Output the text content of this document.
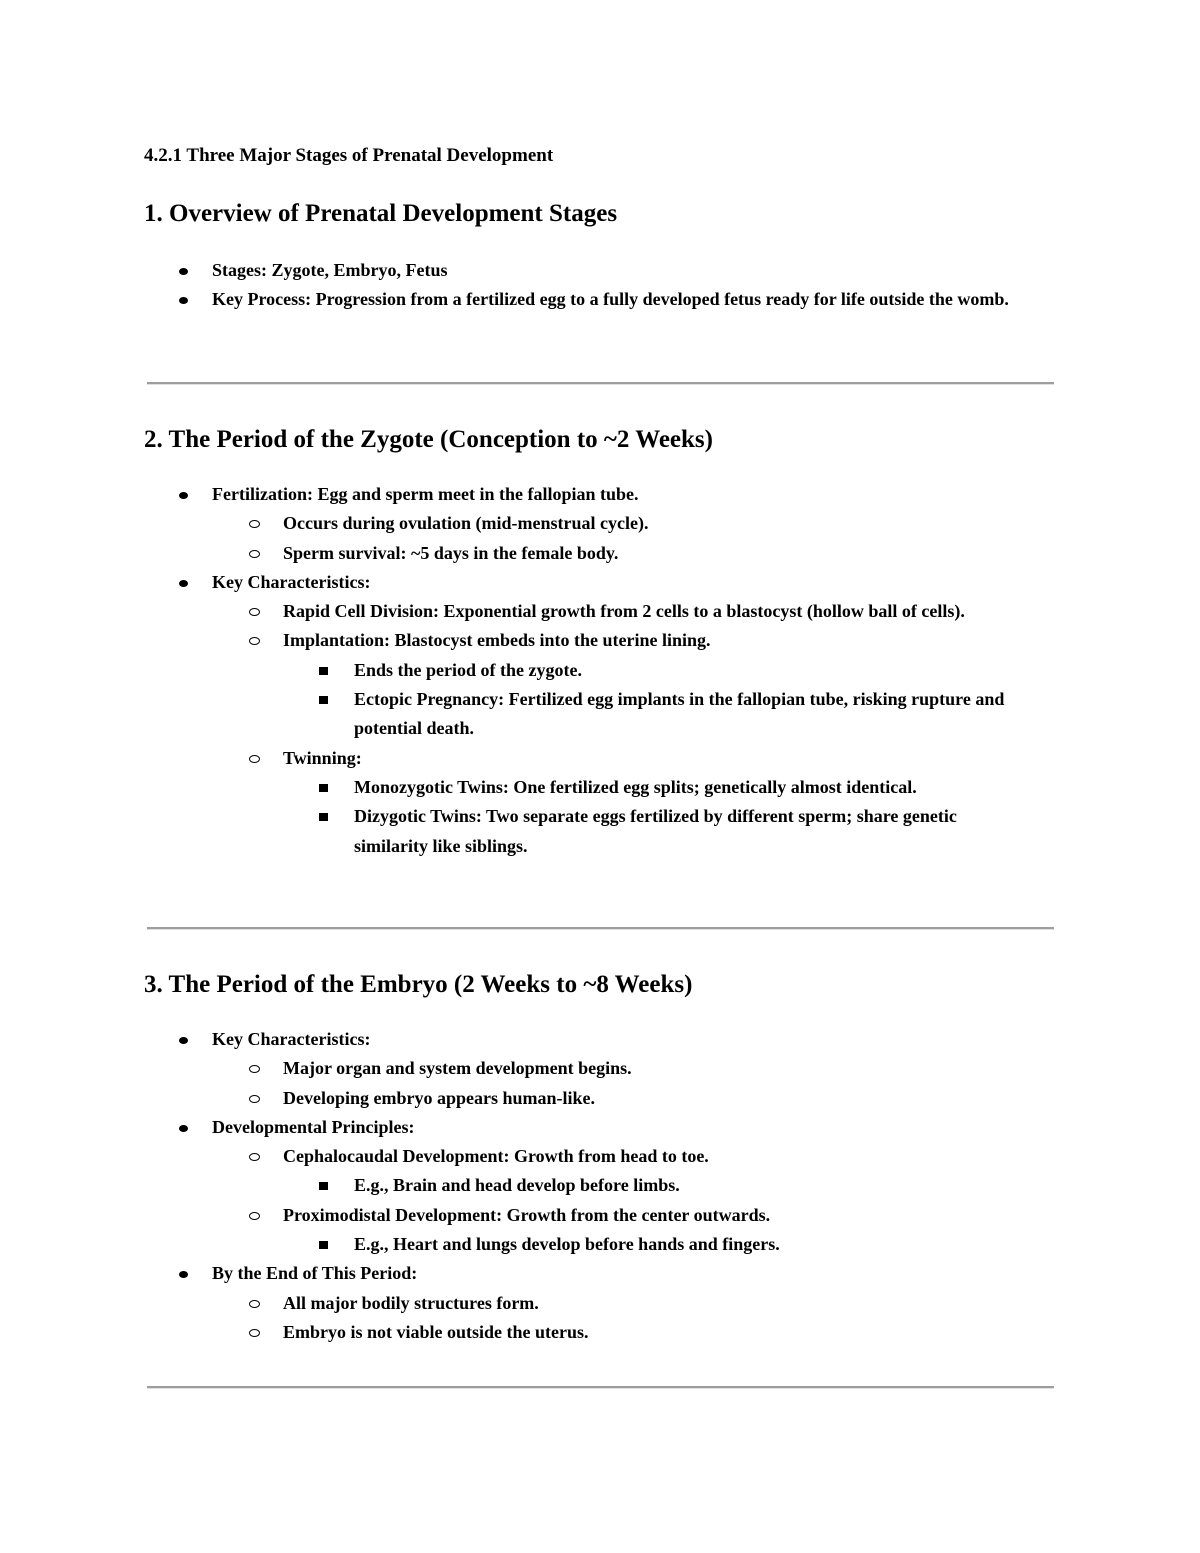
4.2.1 Three Major Stages of Prenatal Development
1. Overview of Prenatal Development Stages
Stages: Zygote, Embryo, Fetus
Key Process: Progression from a fertilized egg to a fully developed fetus ready for life outside the womb.
2. The Period of the Zygote (Conception to ~2 Weeks)
Fertilization: Egg and sperm meet in the fallopian tube.
Occurs during ovulation (mid-menstrual cycle).
Sperm survival: ~5 days in the female body.
Key Characteristics:
Rapid Cell Division: Exponential growth from 2 cells to a blastocyst (hollow ball of cells).
Implantation: Blastocyst embeds into the uterine lining.
Ends the period of the zygote.
Ectopic Pregnancy: Fertilized egg implants in the fallopian tube, risking rupture and potential death.
Twinning:
Monozygotic Twins: One fertilized egg splits; genetically almost identical.
Dizygotic Twins: Two separate eggs fertilized by different sperm; share genetic similarity like siblings.
3. The Period of the Embryo (2 Weeks to ~8 Weeks)
Key Characteristics:
Major organ and system development begins.
Developing embryo appears human-like.
Developmental Principles:
Cephalocaudal Development: Growth from head to toe.
E.g., Brain and head develop before limbs.
Proximodistal Development: Growth from the center outwards.
E.g., Heart and lungs develop before hands and fingers.
By the End of This Period:
All major bodily structures form.
Embryo is not viable outside the uterus.
